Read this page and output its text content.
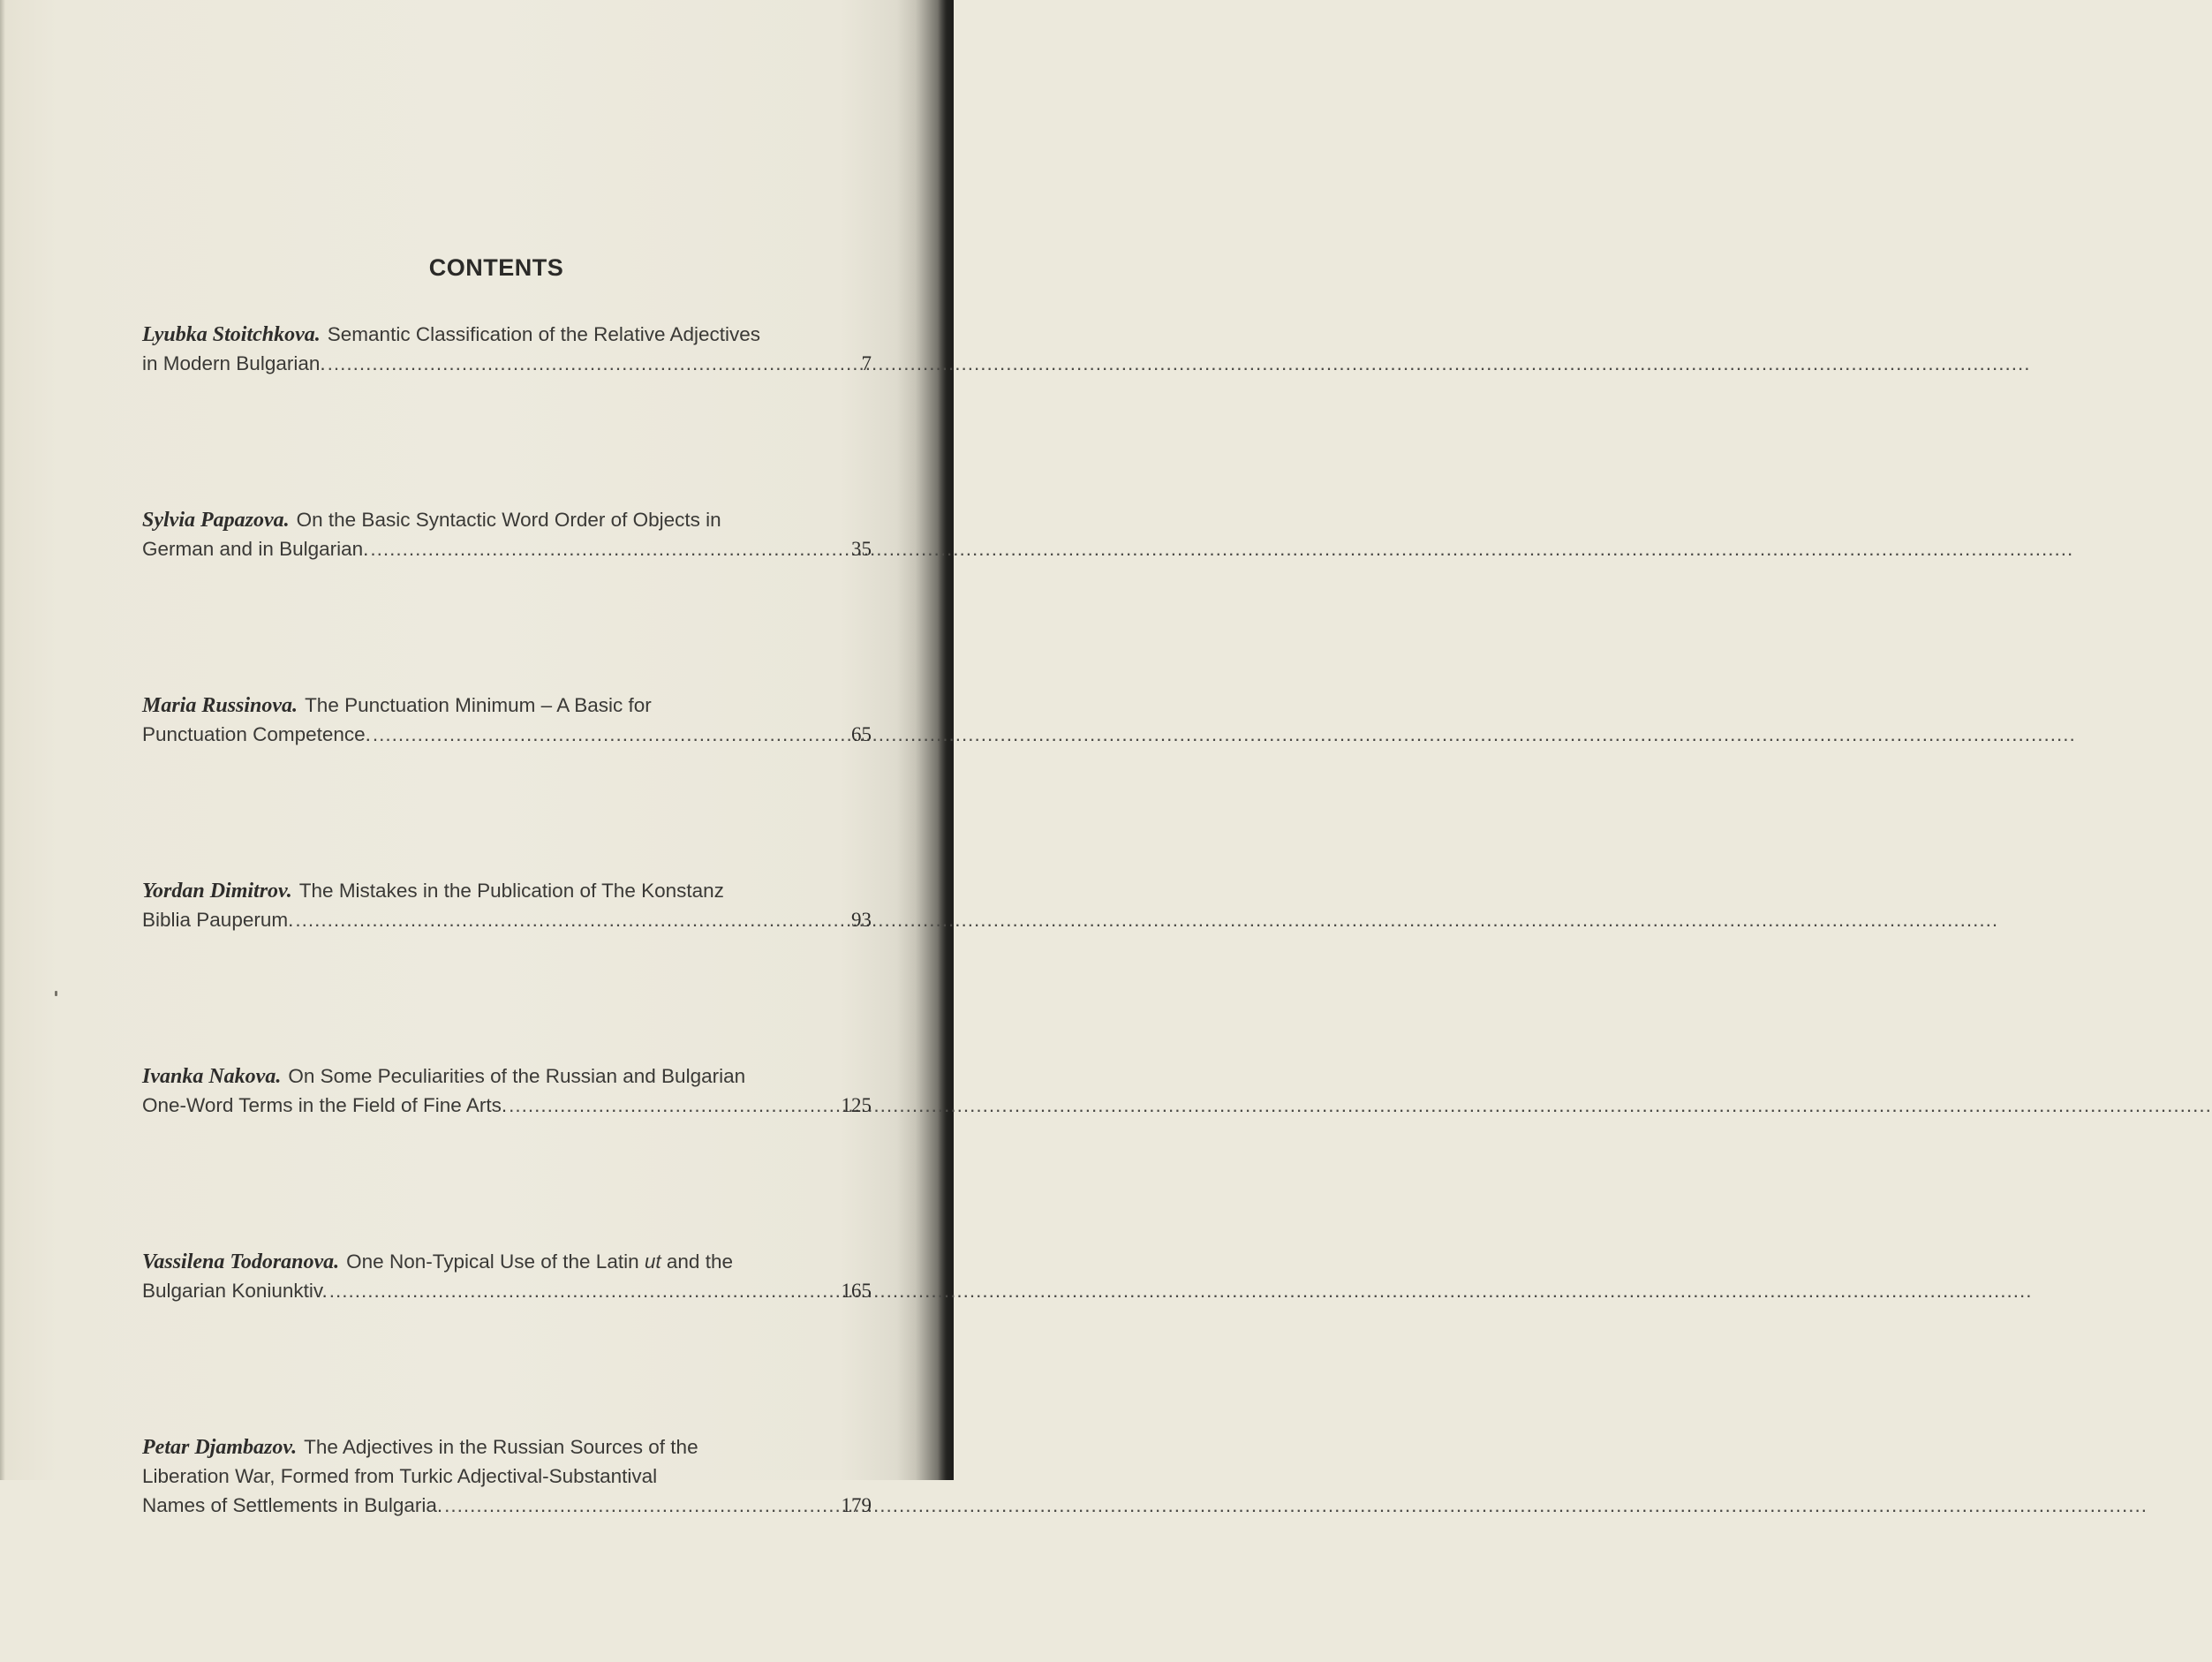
CONTENTS
Lyubka Stoitchkova. Semantic Classification of the Relative Adjectives
in Modern Bulgarian. .....	7
Sylvia Papazova. On the Basic Syntactic Word Order of Objects in
German and in Bulgarian. .....	35
Maria Russinova. The Punctuation Minimum – A Basic for
Punctuation Competence. .....	65
Yordan Dimitrov. The Mistakes in the Publication of The Konstanz
Biblia Pauperum. .....	93
Ivanka Nakova. On Some Peculiarities of the Russian and Bulgarian
One-Word Terms in the Field of Fine Arts. .....	125
Vassilena Todoranova. One Non-Typical Use of the Latin ut and the
Bulgarian Koniunktiv. .....	165
Petar Djambazov. The Adjectives in the Russian Sources of the
Liberation War, Formed from Turkic Adjectival-Substantival
Names of Settlements in Bulgaria. .....	179
